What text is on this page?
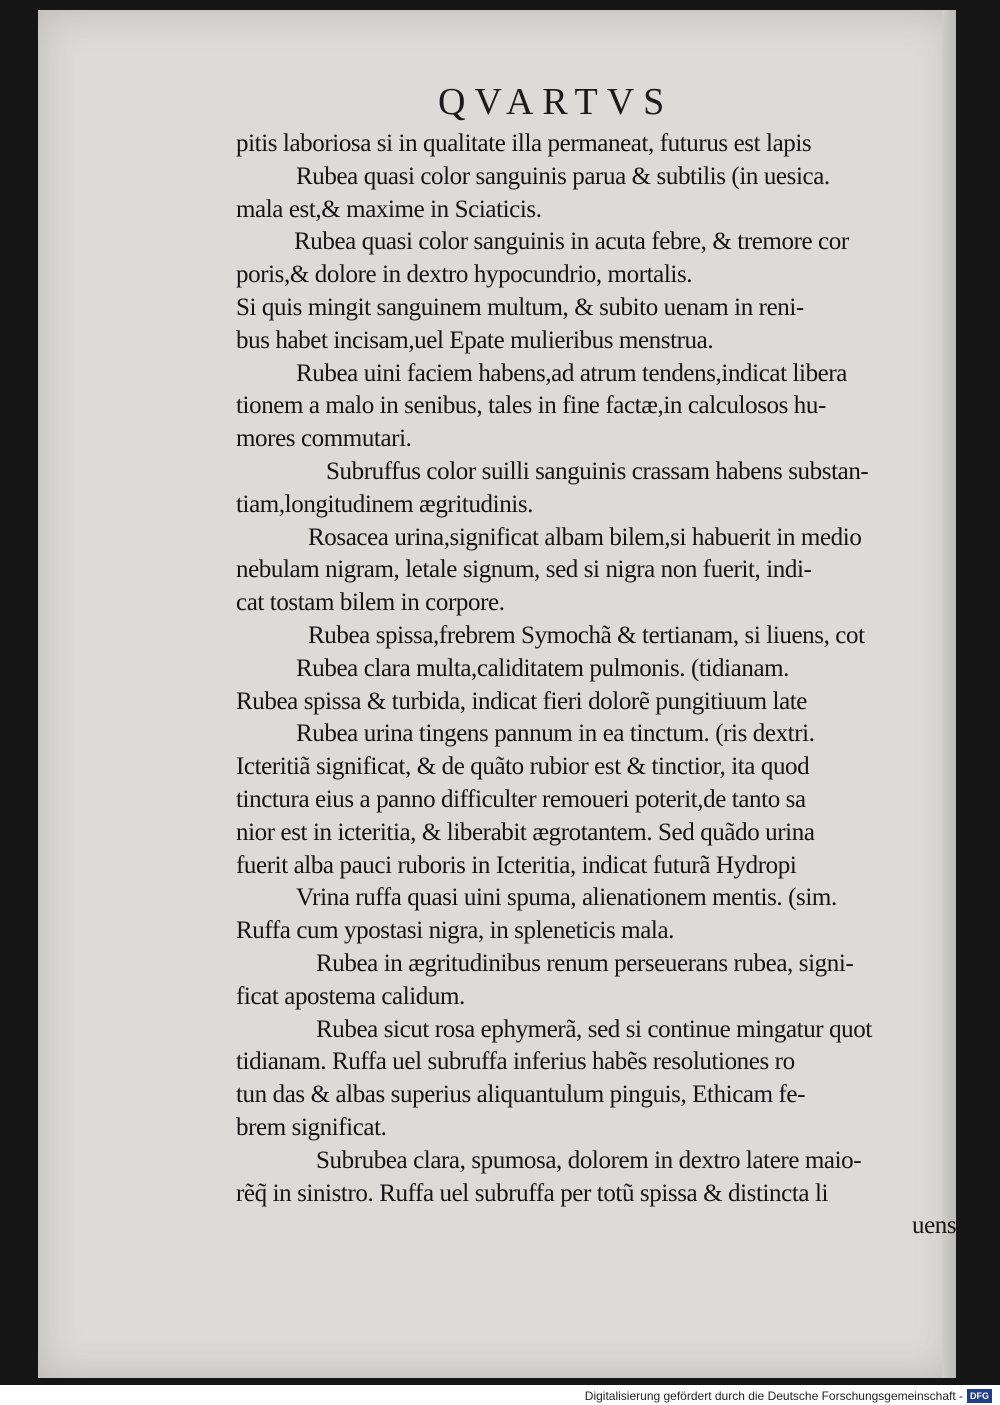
QVARTVS
pitis laboriosa si in qualitate illa permaneat, futurus est lapis
Rubea quasi color sanguinis parua & subtilis (in uesica.
mala est,& maxime in Sciaticis.
Rubea quasi color sanguinis in acuta febre, & tremore cor
poris,& dolore in dextro hypocundrio, mortalis.
Si quis mingit sanguinem multum, & subito uenam in reni-
bus habet incisam,uel Epate mulieribus menstrua.
Rubea uini faciem habens,ad atrum tendens,indicat libera
tionem a malo in senibus, tales in fine factæ,in calculosos hu-
mores commutari.
Subruffus color suilli sanguinis crassam habens substan-
tiam,longitudinem ægritudinis.
Rosacea urina,significat albam bilem,si habuerit in medio
nebulam nigram, letale signum, sed si nigra non fuerit, indi-
cat tostam bilem in corpore.
Rubea spissa,frebrem Symochã & tertianam, si liuens, cot
Rubea clara multa,caliditatem pulmonis. (tidianam.
Rubea spissa & turbida, indicat fieri dolorẽ pungitiuum late
Rubea urina tingens pannum in ea tinctum. (ris dextri.
Icteritiã significat, & de quãto rubior est & tinctior, ita quod
tinctura eius a panno difficulter remoueri poterit,de tanto sa
nior est in icteritia, & liberabit ægrotantem. Sed quãdo urina
fuerit alba pauci ruboris in Icteritia, indicat futurã Hydropi
Vrina ruffa quasi uini spuma, alienationem mentis. (sim.
Ruffa cum ypostasi nigra, in spleneticis mala.
Rubea in ægritudinibus renum perseuerans rubea, signi-
ficat apostema calidum.
Rubea sicut rosa ephymerã, sed si continue mingatur quot
tidianam. Ruffa uel subruffa inferius habẽs resolutiones ro
tun das & albas superius aliquantulum pinguis, Ethicam fe-
brem significat.
Subrubea clara, spumosa, dolorem in dextro latere maio-
rẽq̃ in sinistro. Ruffa uel subruffa per totũ spissa & distincta li
uens
Digitalisierung gefördert durch die Deutsche Forschungsgemeinschaft - DFG
